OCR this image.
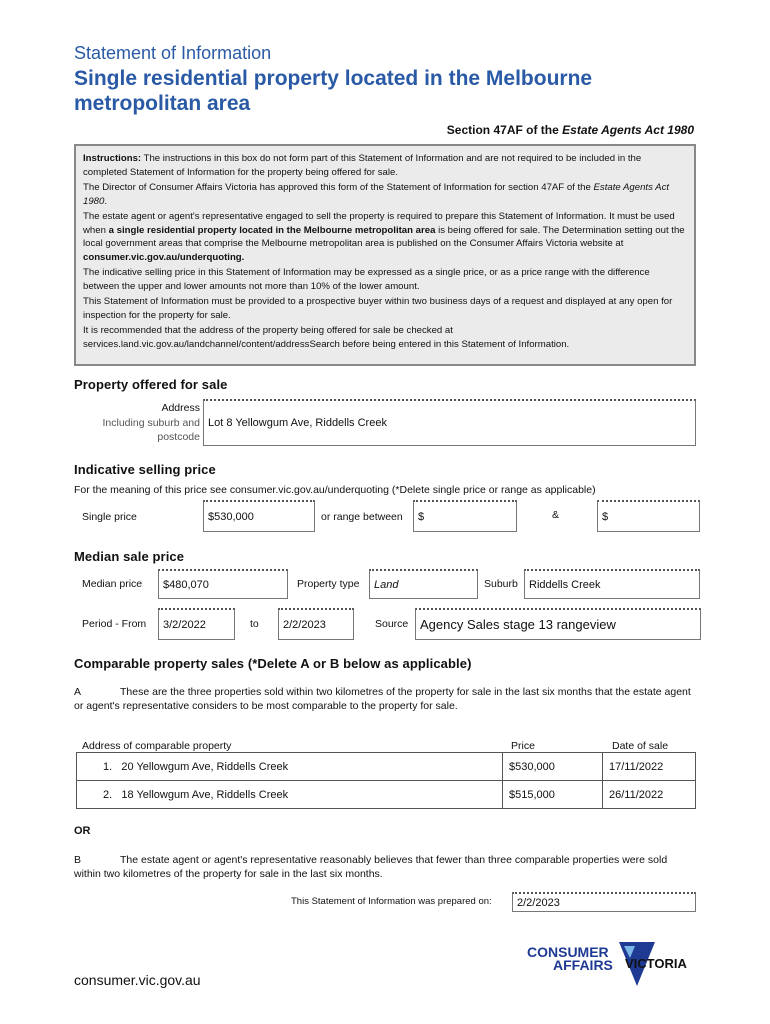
Statement of Information
Single residential property located in the Melbourne metropolitan area
Section 47AF of the Estate Agents Act 1980

Instructions: The instructions in this box do not form part of this Statement of Information and are not required to be included in the completed Statement of Information for the property being offered for sale.

The Director of Consumer Affairs Victoria has approved this form of the Statement of Information for section 47AF of the Estate Agents Act 1980.

The estate agent or agent's representative engaged to sell the property is required to prepare this Statement of Information. It must be used when a single residential property located in the Melbourne metropolitan area is being offered for sale. The Determination setting out the local government areas that comprise the Melbourne metropolitan area is published on the Consumer Affairs Victoria website at consumer.vic.gov.au/underquoting.

The indicative selling price in this Statement of Information may be expressed as a single price, or as a price range with the difference between the upper and lower amounts not more than 10% of the lower amount.

This Statement of Information must be provided to a prospective buyer within two business days of a request and displayed at any open for inspection for the property for sale.

It is recommended that the address of the property being offered for sale be checked at services.land.vic.gov.au/landchannel/content/addressSearch before being entered in this Statement of Information.

Property offered for sale
Address
Including suburb and
postcode
Lot 8 Yellowgum Ave, Riddells Creek
Indicative selling price
For the meaning of this price see consumer.vic.gov.au/underquoting (*Delete single price or range as applicable)
Single price	$530,000	or range between	$	&	$
Median sale price
Median price	$480,070	Property type	Land	Suburb	Riddells Creek
Period - From	3/2/2022	to	2/2/2023	Source Agency Sales stage 13 rangeview
Comparable property sales (*Delete A or B below as applicable)
A	These are the three properties sold within two kilometres of the property for sale in the last six months that the estate agent or agent's representative considers to be most comparable to the property for sale.
Address of comparable property	Price	Date of sale
1. 20 Yellowgum Ave, Riddells Creek	$530,000	17/11/2022
2. 18 Yellowgum Ave, Riddells Creek	$515,000	26/11/2022
OR
B	The estate agent or agent's representative reasonably believes that fewer than three comparable properties were sold within two kilometres of the property for sale in the last six months.
This Statement of Information was prepared on:	2/2/2023
CONSUMER
AFFAIRS VICTORIA
consumer.vic.gov.au
